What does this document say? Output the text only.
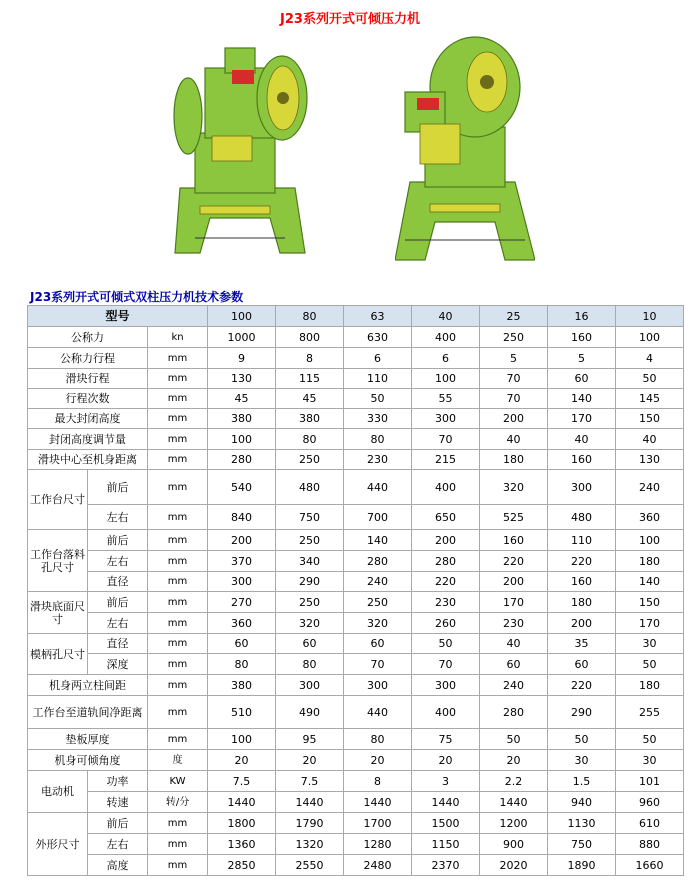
J23系列开式可倾压力机
J23系列开式可倾式双柱压力机技术参数
型号			100	80	63	40	25	16	10
公称力		kn	1000	800	630	400	250	160	100
公称力行程		mm	9	8	6	6	5	5	4
滑块行程		mm	130	115	110	100	70	60	50
行程次数		mm	45	45	50	55	70	140	145
最大封闭高度		mm	380	380	330	300	200	170	150
封闭高度调节量		mm	100	80	80	70	40	40	40
滑块中心至机身距离		mm	280	250	230	215	180	160	130
工作台尺寸	前后	mm	540	480	440	400	320	300	240
	左右	mm	840	750	700	650	525	480	360
工作台落料孔尺寸	前后	mm	200	250	140	200	160	110	100
	左右	mm	370	340	280	280	220	220	180
	直径	mm	300	290	240	220	200	160	140
滑块底面尺寸	前后	mm	270	250	250	230	170	180	150
	左右	mm	360	320	320	260	230	200	170
模柄孔尺寸	直径	mm	60	60	60	50	40	35	30
	深度	mm	80	80	70	70	60	60	50
机身两立柱间距		mm	380	300	300	300	240	220	180
工作台至道轨间净距离		mm	510	490	440	400	280	290	255
垫板厚度		mm	100	95	80	75	50	50	50
机身可倾角度		度	20	20	20	20	20	30	30
电动机	功率	KW	7.5	7.5	8	3	2.2	1.5	101
	转速	转/分	1440	1440	1440	1440	1440	940	960
外形尺寸	前后	mm	1800	1790	1700	1500	1200	1130	610
	左右	mm	1360	1320	1280	1150	900	750	880
	高度	mm	2850	2550	2480	2370	2020	1890	1660
